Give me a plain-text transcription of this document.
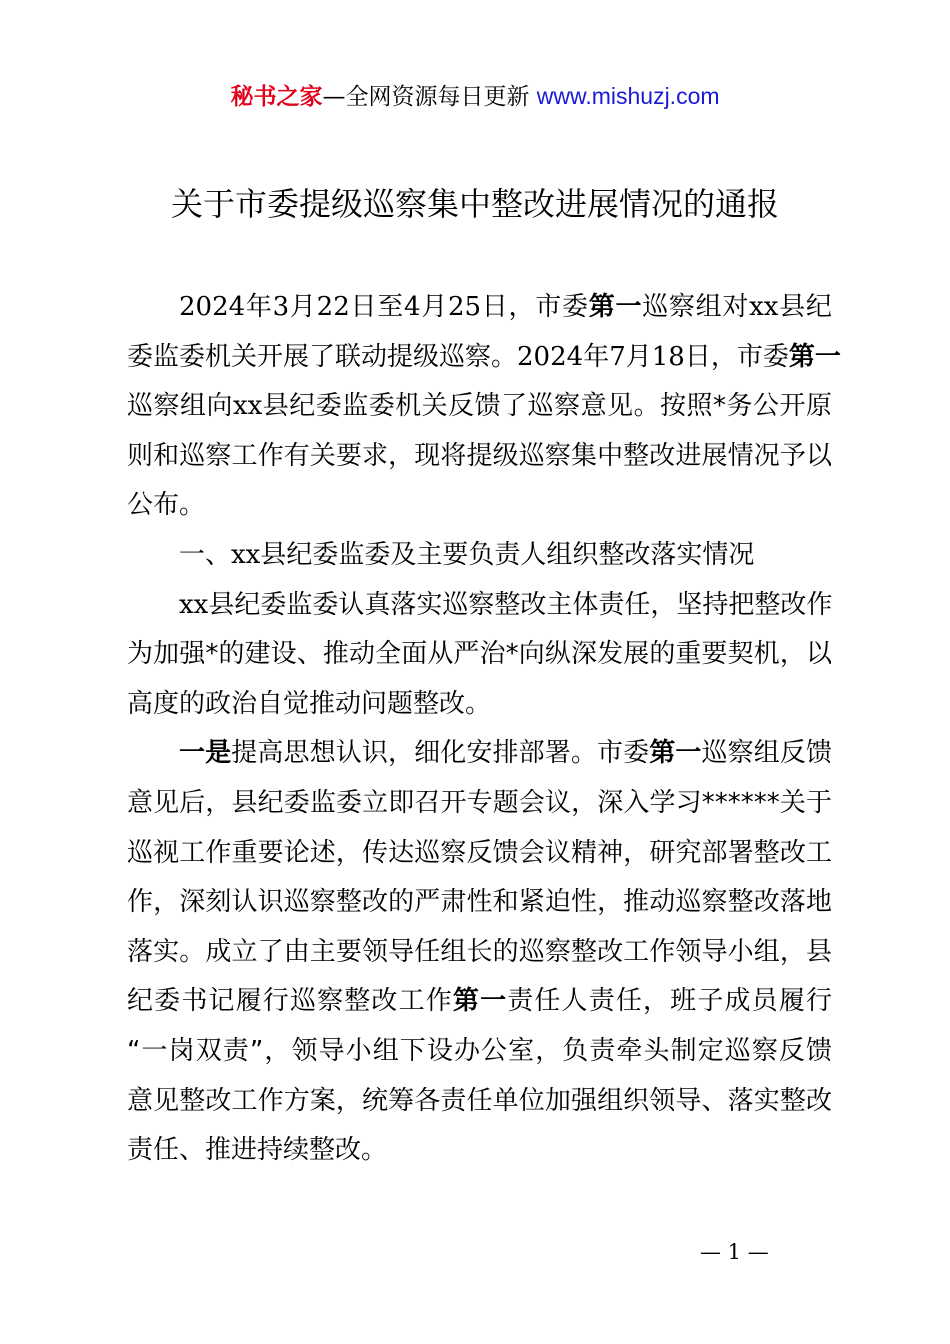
秘书之家—全网资源每日更新 www.mishuzj.com
关于市委提级巡察集中整改进展情况的通报
2024年3月22日至4月25日，市委第一巡察组对xx县纪
委监委机关开展了联动提级巡察。2024年7月18日，市委第一
巡察组向xx县纪委监委机关反馈了巡察意见。按照*务公开原
则和巡察工作有关要求，现将提级巡察集中整改进展情况予以
公布。
一、xx县纪委监委及主要负责人组织整改落实情况
xx县纪委监委认真落实巡察整改主体责任，坚持把整改作
为加强*的建设、推动全面从严治*向纵深发展的重要契机，以
高度的政治自觉推动问题整改。
一是提高思想认识，细化安排部署。市委第一巡察组反馈
意见后，县纪委监委立即召开专题会议，深入学习******关于
巡视工作重要论述，传达巡察反馈会议精神，研究部署整改工
作，深刻认识巡察整改的严肃性和紧迫性，推动巡察整改落地
落实。成立了由主要领导任组长的巡察整改工作领导小组，县
纪委书记履行巡察整改工作第一责任人责任，班子成员履行
“一岗双责”，领导小组下设办公室，负责牵头制定巡察反馈
意见整改工作方案，统筹各责任单位加强组织领导、落实整改
责任、推进持续整改。
— 1 —
